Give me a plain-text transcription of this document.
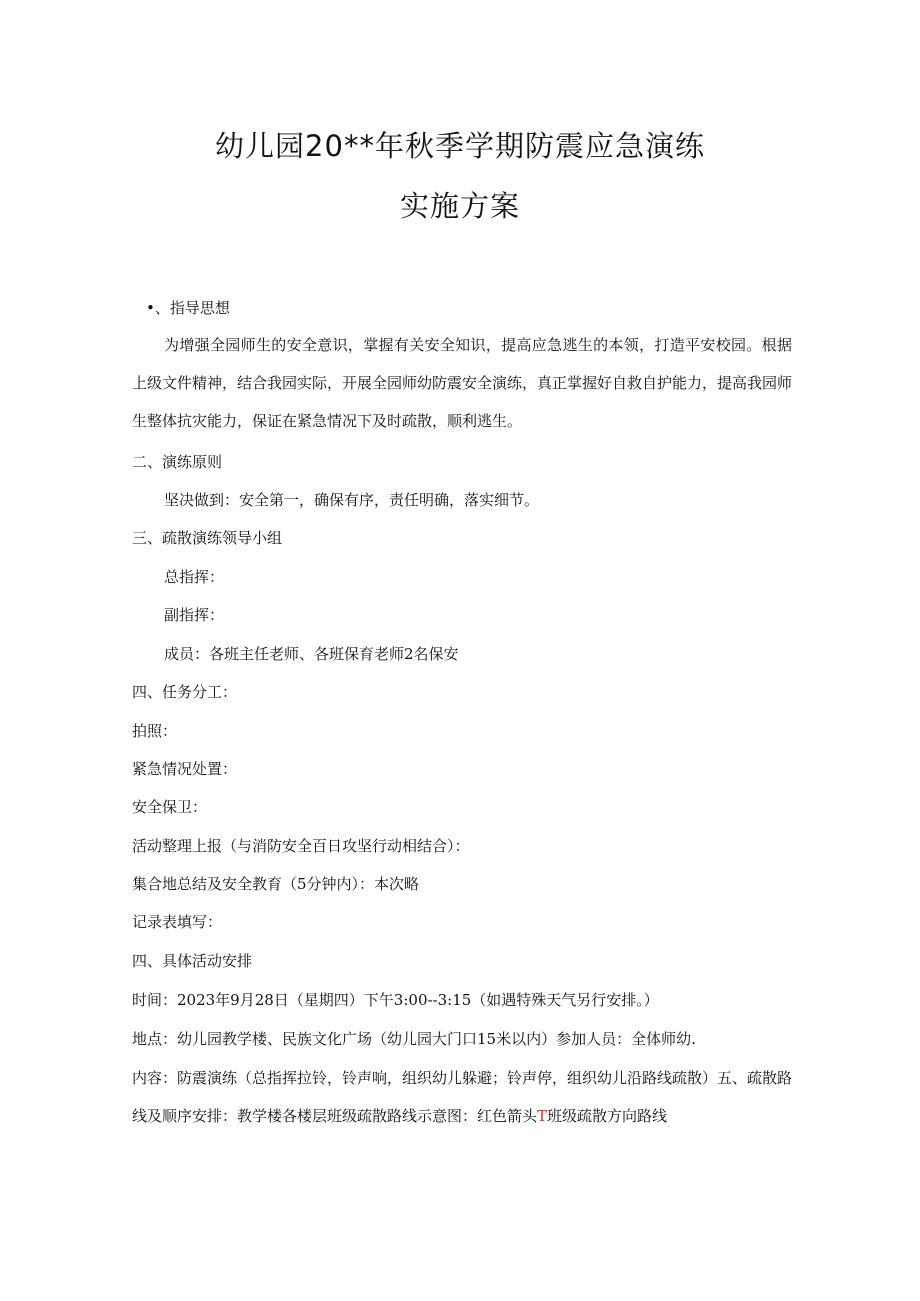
幼儿园20**年秋季学期防震应急演练
实施方案
•、指导思想
为增强全园师生的安全意识，掌握有关安全知识，提高应急逃生的本领，打造平安校园。根据上级文件精神，结合我园实际，开展全园师幼防震安全演练，真正掌握好自救自护能力，提高我园师生整体抗灾能力，保证在紧急情况下及时疏散，顺利逃生。
二、演练原则
坚决做到：安全第一，确保有序，责任明确，落实细节。
三、疏散演练领导小组
总指挥：
副指挥：
成员：各班主任老师、各班保育老师2名保安
四、任务分工：
拍照：
紧急情况处置：
安全保卫：
活动整理上报（与消防安全百日攻坚行动相结合）：
集合地总结及安全教育（5分钟内）：本次略
记录表填写：
四、具体活动安排
时间：2023年9月28日（星期四）下午3:00--3:15（如遇特殊天气另行安排。）
地点：幼儿园教学楼、民族文化广场（幼儿园大门口15米以内）参加人员：全体师幼.
内容：防震演练（总指挥拉铃，铃声响，组织幼儿躲避；铃声停，组织幼儿沿路线疏散）五、疏散路线及顺序安排：教学楼各楼层班级疏散路线示意图：红色箭头T班级疏散方向路线
